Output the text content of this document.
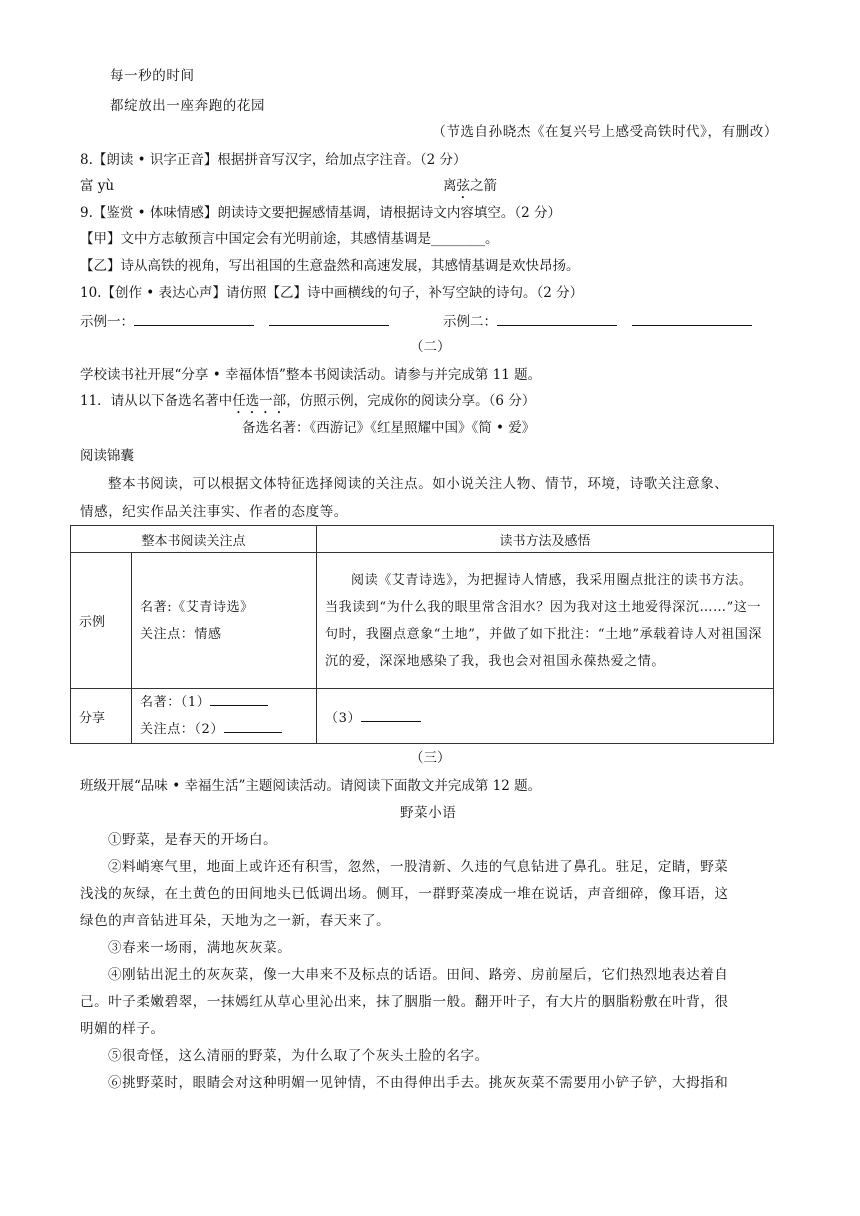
每一秒的时间
都绽放出一座奔跑的花园
（节选自孙晓杰《在复兴号上感受高铁时代》，有删改）
8.【朗读 • 识字正音】根据拼音写汉字，给加点字注音。（2 分）
富 yù	离弦之箭
9.【鉴赏 • 体味情感】朗读诗文要把握感情基调，请根据诗文内容填空。（2 分）
【甲】文中方志敏预言中国定会有光明前途，其感情基调是________。
【乙】诗从高铁的视角，写出祖国的生意盎然和高速发展，其感情基调是欢快昂扬。
10.【创作 • 表达心声】请仿照【乙】诗中画横线的句子，补写空缺的诗句。（2 分）
示例一：	示例二：
（二）
学校读书社开展“分享 • 幸福体悟”整本书阅读活动。请参与并完成第 11 题。
11．请从以下备选名著中任选一部，仿照示例，完成你的阅读分享。（6 分）
备选名著：《西游记》《红星照耀中国》《简 • 爱》
阅读锦囊
整本书阅读，可以根据文体特征选择阅读的关注点。如小说关注人物、情节，环境，诗歌关注意象、
情感，纪实作品关注事实、作者的态度等。
整本书阅读关注点		读书方法及感悟
示例	名著:《艾青诗选》
关注点：情感	阅读《艾青诗选》，为把握诗人情感，我采用圈点批注的读书方法。当我读到“为什么我的眼里常含泪水？因为我对这土地爱得深沉……”这一句时，我圈点意象“土地”，并做了如下批注：“土地”承载着诗人对祖国深沉的爱，深深地感染了我，我也会对祖国永葆热爱之情。
分享	名著：（1）
关注点：（2）	（3）
（三）
班级开展“品味 • 幸福生活”主题阅读活动。请阅读下面散文并完成第 12 题。
野菜小语
①野菜，是春天的开场白。
②料峭寒气里，地面上或许还有积雪，忽然，一股清新、久违的气息钻进了鼻孔。驻足，定睛，野菜
浅浅的灰绿，在土黄色的田间地头已低调出场。侧耳，一群野菜凑成一堆在说话，声音细碎，像耳语，这
绿色的声音钻进耳朵，天地为之一新，春天来了。
③春来一场雨，满地灰灰菜。
④刚钻出泥土的灰灰菜，像一大串来不及标点的话语。田间、路旁、房前屋后，它们热烈地表达着自
己。叶子柔嫩碧翠，一抹嫣红从草心里沁出来，抹了胭脂一般。翻开叶子，有大片的胭脂粉敷在叶背，很
明媚的样子。
⑤很奇怪，这么清丽的野菜，为什么取了个灰头土脸的名字。
⑥挑野菜时，眼睛会对这种明媚一见钟情，不由得伸出手去。挑灰灰菜不需要用小铲子铲，大拇指和
